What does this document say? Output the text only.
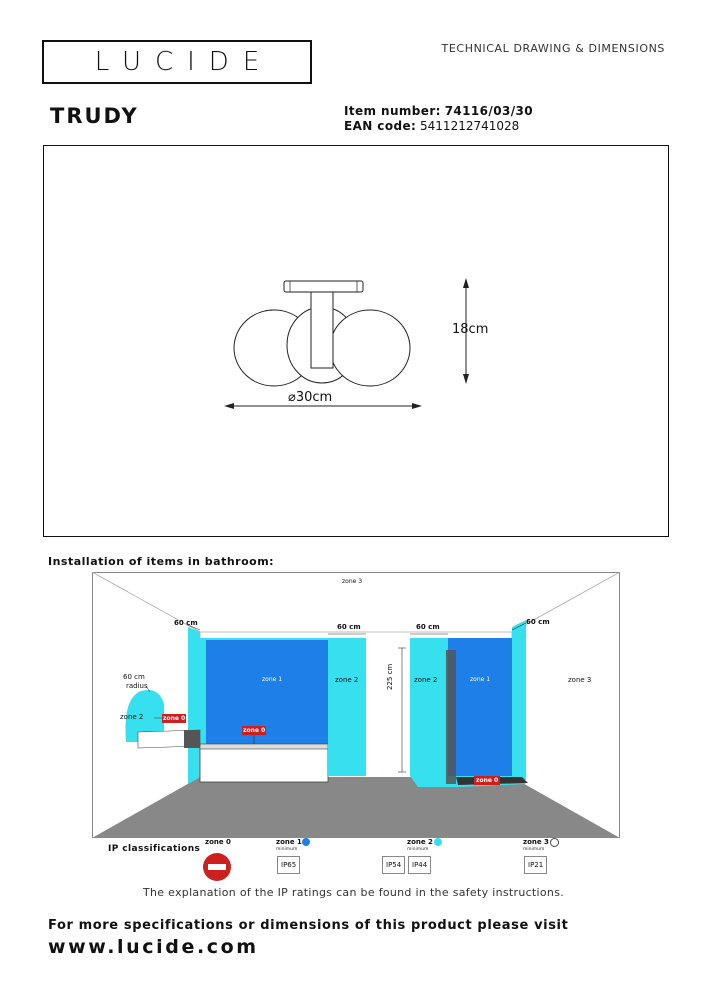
LUCIDE	TECHNICAL DRAWING & DIMENSIONS
TRUDY	Item number: 74116/03/30
EAN code: 5411212741028
18cm
⌀30cm
Installation of items in bathroom:
zone 3
60 cm	60 cm	60 cm
60 cm
60 cm
radius
zone 2	zone 0
zone 1
zone 0
zone 2	225 cm	zone 2	zone 1
zone 0
zone 3
IP classifications
zone 0	zone 1
minimum
IP65
zone 2
minimum
IP54	IP44
zone 3
minimum
IP21
The explanation of the IP ratings can be found in the safety instructions.
For more specifications or dimensions of this product please visit
www.lucide.com
